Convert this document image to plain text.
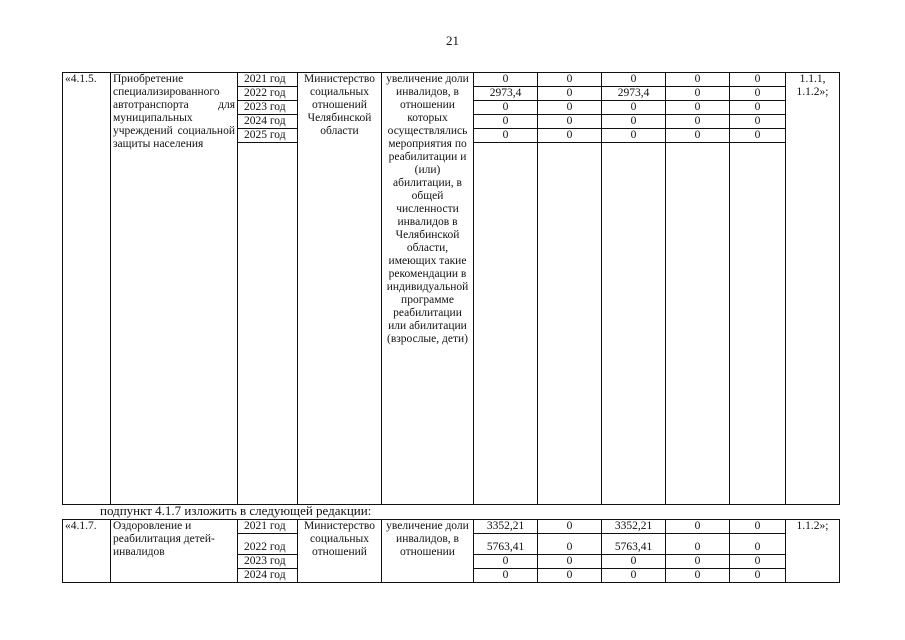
21
«4.1.5.	Приобретение специализированного автотранспорта для муниципальных учреждений социальной защиты населения	2021 год	Министерство социальных отношений Челябинской области	увеличение доли инвалидов, в отношении которых осуществлялись мероприятия по реабилитации и (или) абилитации, в общей численности инвалидов в Челябинской области, имеющих такие рекомендации в индивидуальной программе реабилитации или абилитации (взрослые, дети)	0	0	0	0	0	1.1.1, 1.1.2»;
		2022 год			2973,4	0	2973,4	0	0	
		2023 год			0	0	0	0	0	
		2024 год			0	0	0	0	0	
		2025 год			0	0	0	0	0	

подпункт 4.1.7 изложить в следующей редакции:
«4.1.7.	Оздоровление и реабилитация детей-инвалидов	2021 год	Министерство социальных отношений	увеличение доли инвалидов, в отношении	3352,21	0	3352,21	0	0	1.1.2»;
		2022 год			5763,41	0	5763,41	0	0	
		2023 год			0	0	0	0	0	
		2024 год			0	0	0	0	0	
